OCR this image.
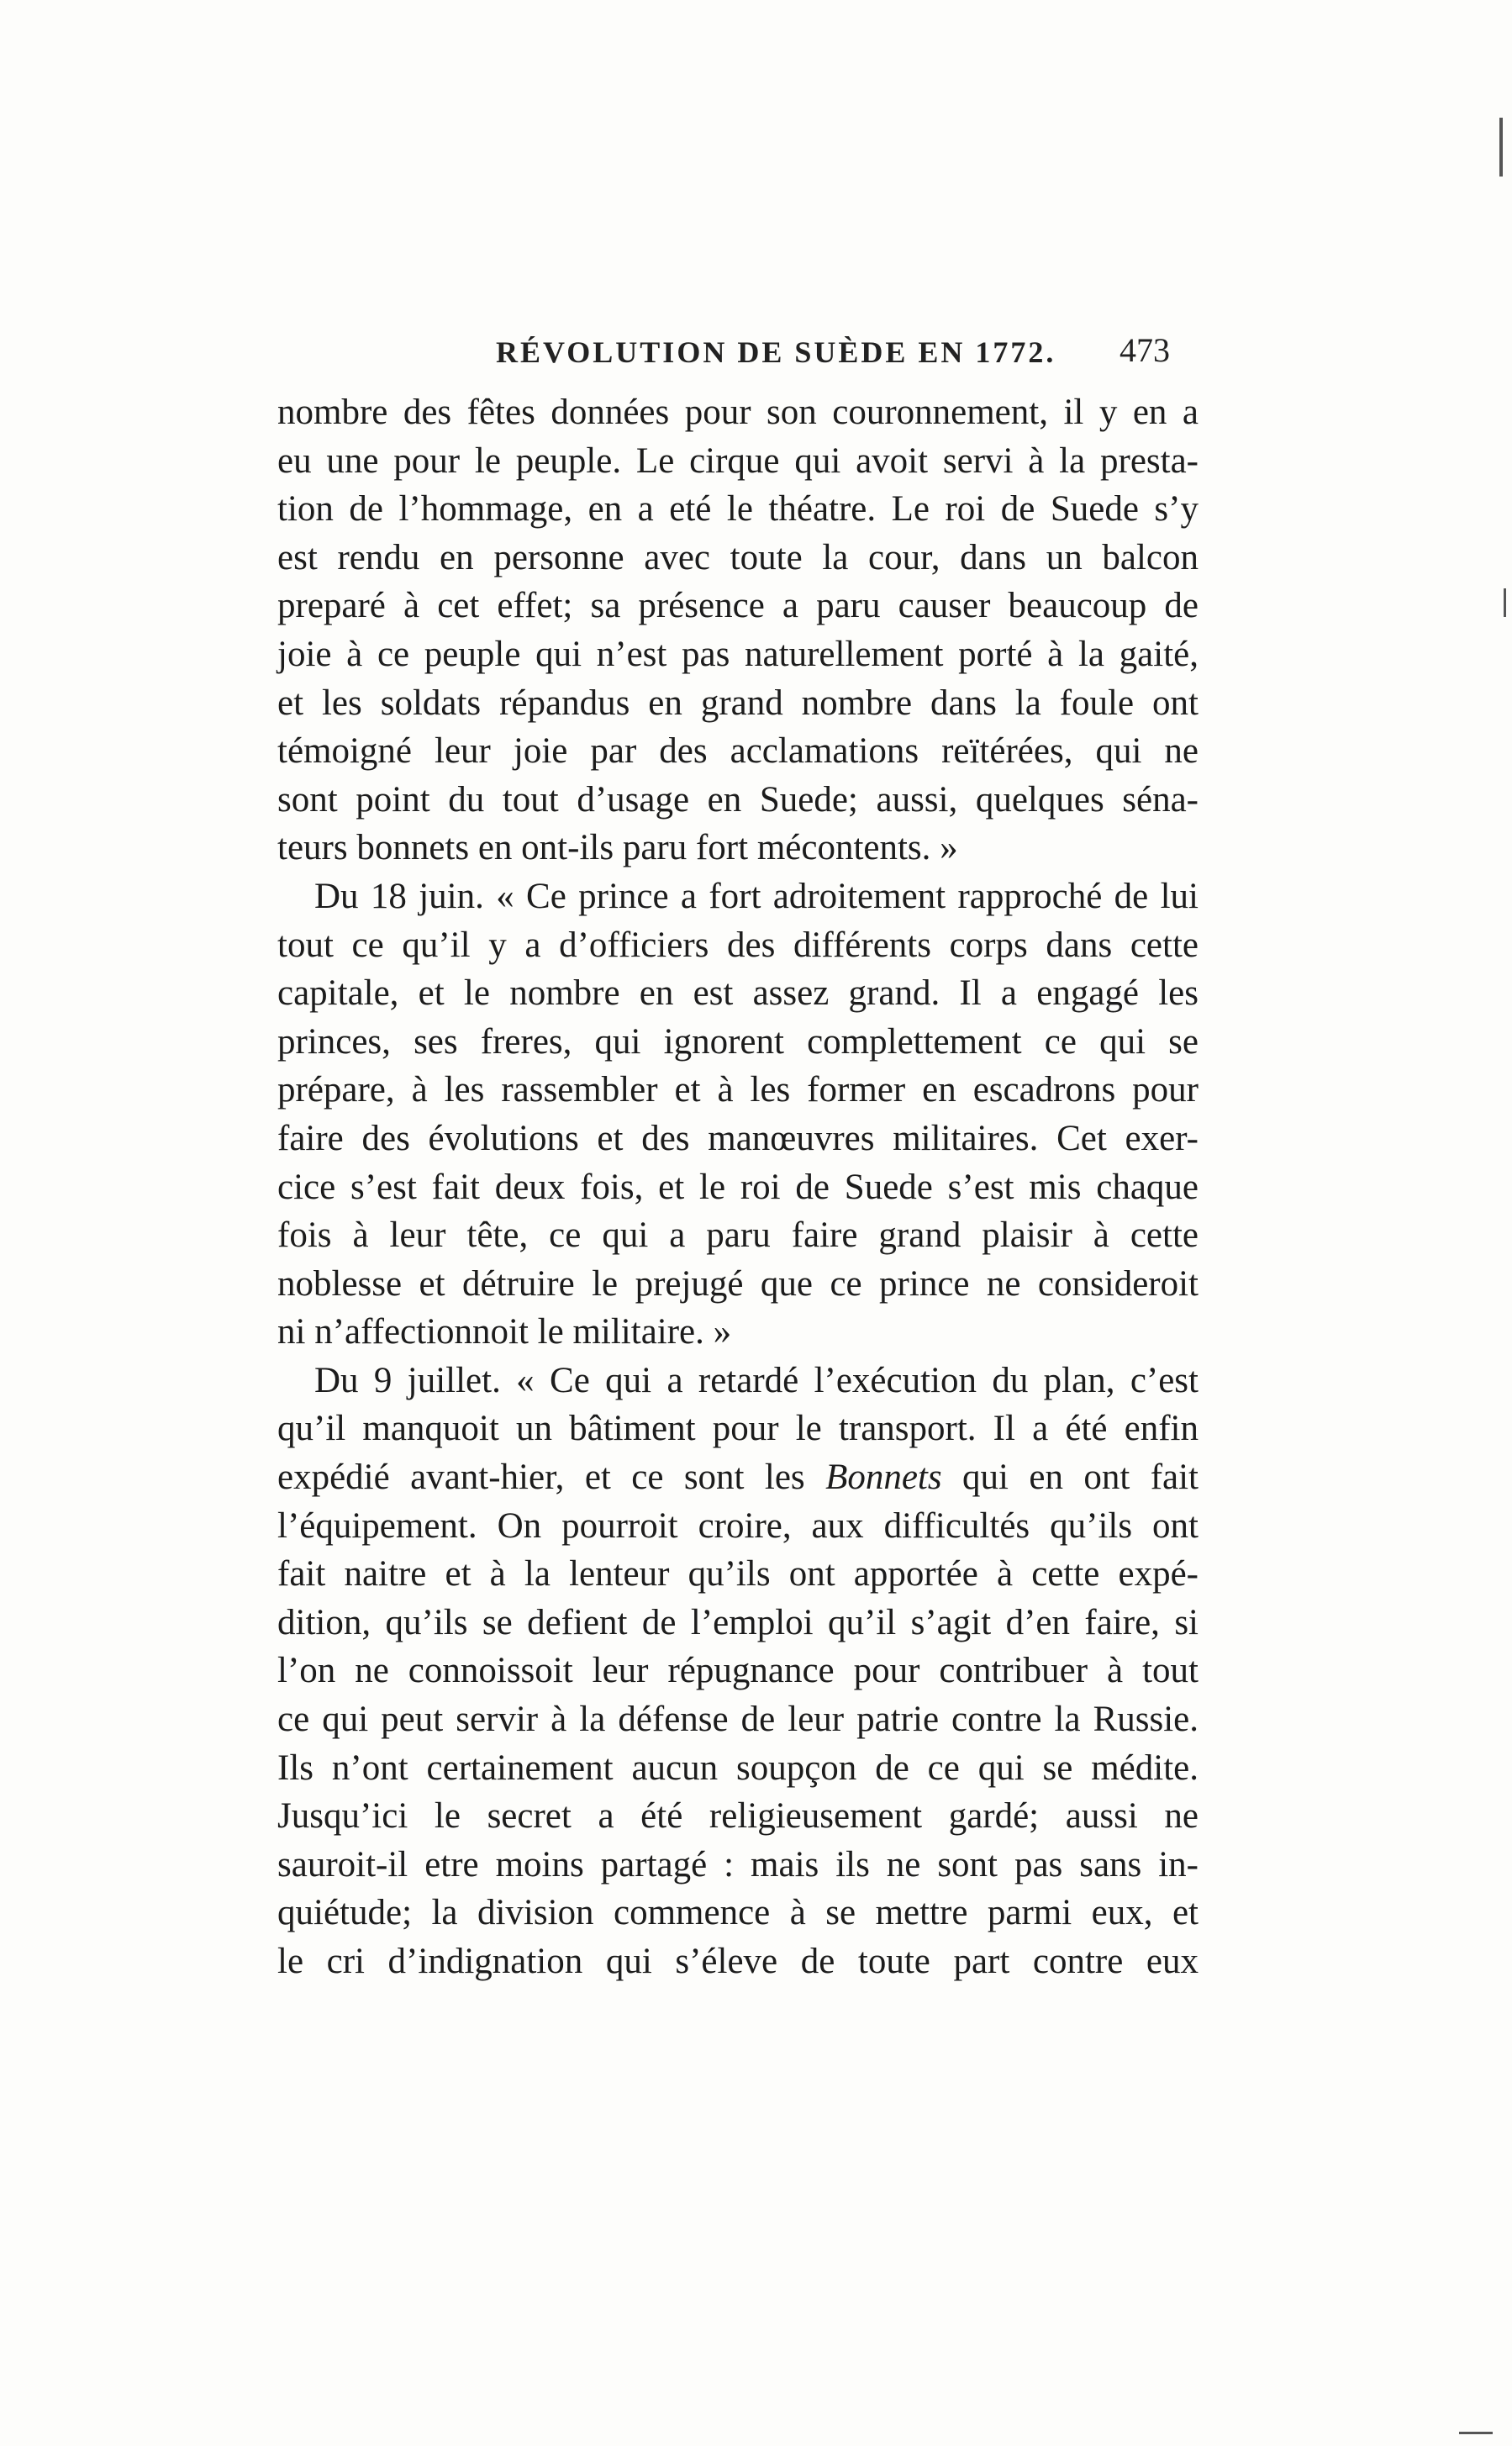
RÉVOLUTION DE SUÈDE EN 1772. 473
nombre des fêtes données pour son couronnement, il y en a
eu une pour le peuple. Le cirque qui avoit servi à la presta-
tion de l’hommage, en a eté le théatre. Le roi de Suede s’y
est rendu en personne avec toute la cour, dans un balcon
preparé à cet effet; sa présence a paru causer beaucoup de
joie à ce peuple qui n’est pas naturellement porté à la gaité,
et les soldats répandus en grand nombre dans la foule ont
témoigné leur joie par des acclamations reïtérées, qui ne
sont point du tout d’usage en Suede; aussi, quelques séna-
teurs bonnets en ont-ils paru fort mécontents. »
Du 18 juin. « Ce prince a fort adroitement rapproché de lui
tout ce qu’il y a d’officiers des différents corps dans cette
capitale, et le nombre en est assez grand. Il a engagé les
princes, ses freres, qui ignorent complettement ce qui se
prépare, à les rassembler et à les former en escadrons pour
faire des évolutions et des manœuvres militaires. Cet exer-
cice s’est fait deux fois, et le roi de Suede s’est mis chaque
fois à leur tête, ce qui a paru faire grand plaisir à cette
noblesse et détruire le prejugé que ce prince ne consideroit
ni n’affectionnoit le militaire. »
Du 9 juillet. « Ce qui a retardé l’exécution du plan, c’est
qu’il manquoit un bâtiment pour le transport. Il a été enfin
expédié avant-hier, et ce sont les Bonnets qui en ont fait
l’équipement. On pourroit croire, aux difficultés qu’ils ont
fait naitre et à la lenteur qu’ils ont apportée à cette expé-
dition, qu’ils se defient de l’emploi qu’il s’agit d’en faire, si
l’on ne connoissoit leur répugnance pour contribuer à tout
ce qui peut servir à la défense de leur patrie contre la Russie.
Ils n’ont certainement aucun soupçon de ce qui se médite.
Jusqu’ici le secret a été religieusement gardé; aussi ne
sauroit-il etre moins partagé : mais ils ne sont pas sans in-
quiétude; la division commence à se mettre parmi eux, et
le cri d’indignation qui s’éleve de toute part contre eux
